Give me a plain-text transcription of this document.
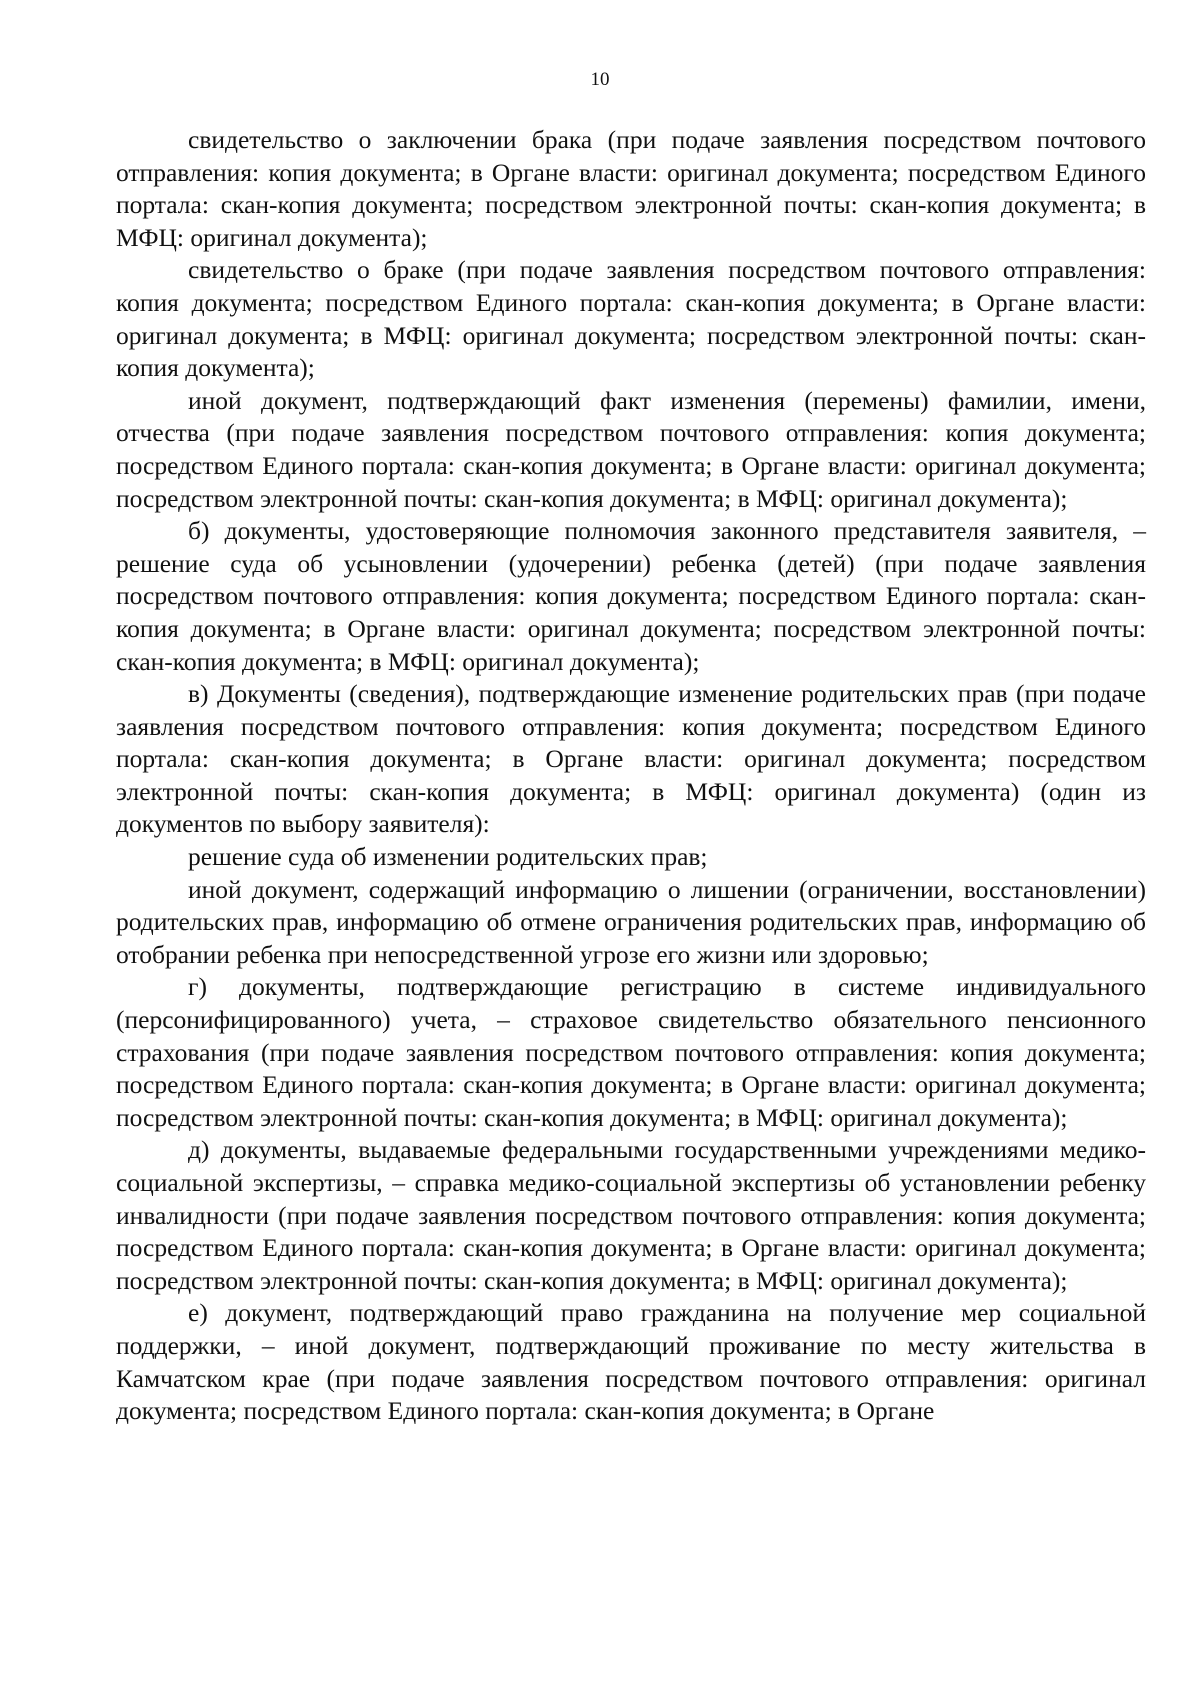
10

свидетельство о заключении брака (при подаче заявления посредством почтового отправления: копия документа; в Органе власти: оригинал документа; посредством Единого портала: скан-копия документа; посредством электронной почты: скан-копия документа; в МФЦ: оригинал документа);

свидетельство о браке (при подаче заявления посредством почтового отправления: копия документа; посредством Единого портала: скан-копия документа; в Органе власти: оригинал документа; в МФЦ: оригинал документа; посредством электронной почты: скан-копия документа);

иной документ, подтверждающий факт изменения (перемены) фамилии, имени, отчества (при подаче заявления посредством почтового отправления: копия документа; посредством Единого портала: скан-копия документа; в Органе власти: оригинал документа; посредством электронной почты: скан-копия документа; в МФЦ: оригинал документа);

б) документы, удостоверяющие полномочия законного представителя заявителя, – решение суда об усыновлении (удочерении) ребенка (детей) (при подаче заявления посредством почтового отправления: копия документа; посредством Единого портала: скан-копия документа; в Органе власти: оригинал документа; посредством электронной почты: скан-копия документа; в МФЦ: оригинал документа);

в) Документы (сведения), подтверждающие изменение родительских прав (при подаче заявления посредством почтового отправления: копия документа; посредством Единого портала: скан-копия документа; в Органе власти: оригинал документа; посредством электронной почты: скан-копия документа; в МФЦ: оригинал документа) (один из документов по выбору заявителя):

решение суда об изменении родительских прав;

иной документ, содержащий информацию о лишении (ограничении, восстановлении) родительских прав, информацию об отмене ограничения родительских прав, информацию об отобрании ребенка при непосредственной угрозе его жизни или здоровью;

г) документы, подтверждающие регистрацию в системе индивидуального (персонифицированного) учета, – страховое свидетельство обязательного пенсионного страхования (при подаче заявления посредством почтового отправления: копия документа; посредством Единого портала: скан-копия документа; в Органе власти: оригинал документа; посредством электронной почты: скан-копия документа; в МФЦ: оригинал документа);

д) документы, выдаваемые федеральными государственными учреждениями медико-социальной экспертизы, – справка медико-социальной экспертизы об установлении ребенку инвалидности (при подаче заявления посредством почтового отправления: копия документа; посредством Единого портала: скан-копия документа; в Органе власти: оригинал документа; посредством электронной почты: скан-копия документа; в МФЦ: оригинал документа);

е) документ, подтверждающий право гражданина на получение мер социальной поддержки, – иной документ, подтверждающий проживание по месту жительства в Камчатском крае (при подаче заявления посредством почтового отправления: оригинал документа; посредством Единого портала: скан-копия документа; в Органе
